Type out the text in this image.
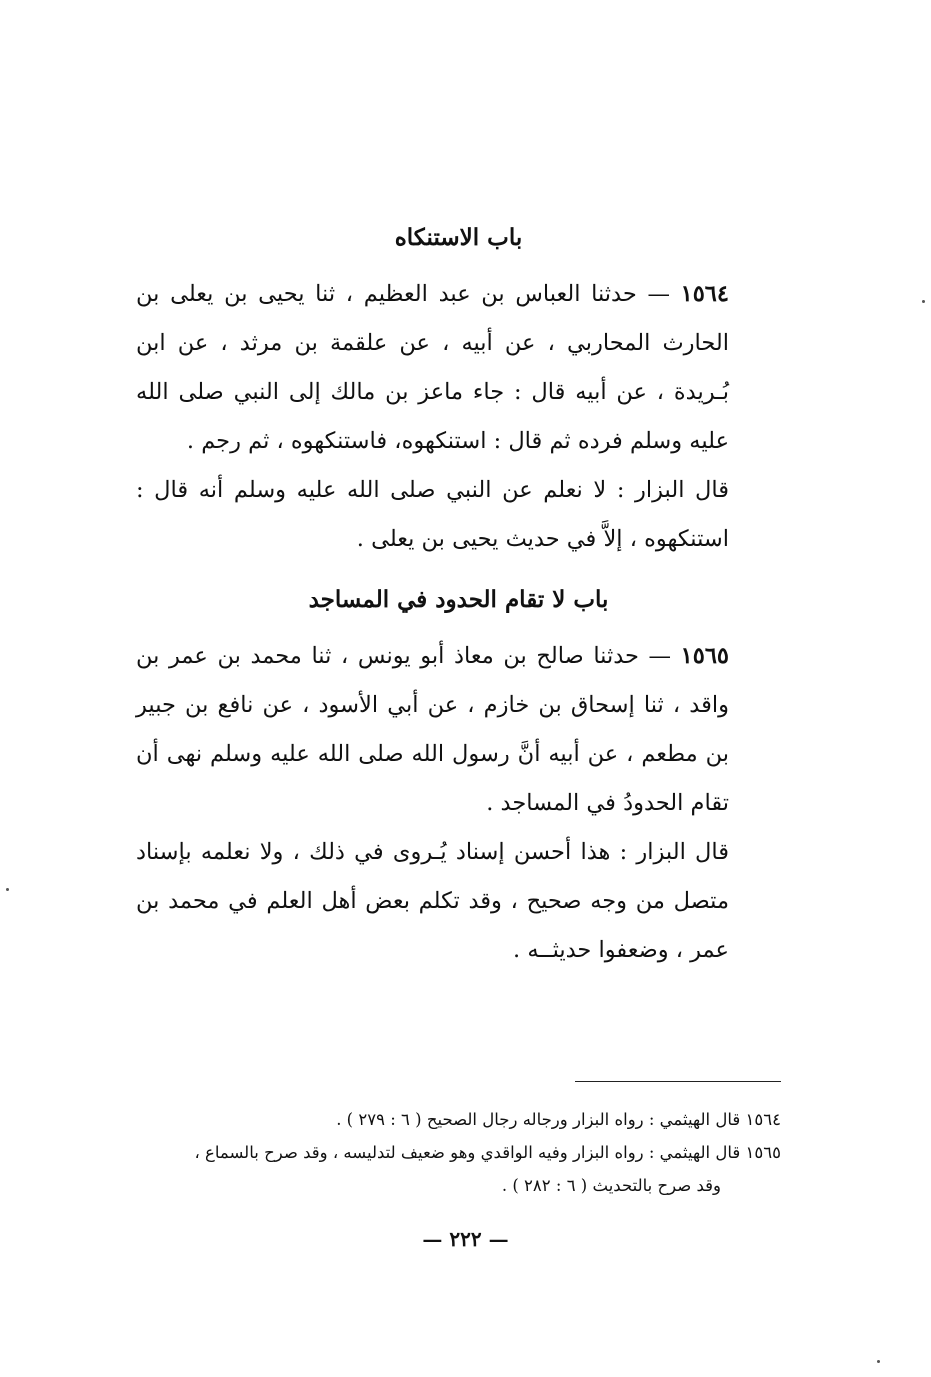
باب الاستنكاه

١٥٦٤ — حدثنا العباس بن عبد العظيم ، ثنا يحيى بن يعلى بن الحارث المحاربي ، عن أبيه ، عن علقمة بن مرثد ، عن ابن بُـريدة ، عن أبيه قال : جاء ماعز بن مالك إلى النبي صلى الله عليه وسلم فرده ثم قال : استنكهوه، فاستنكهوه ، ثم رجم .

قال البزار : لا نعلم عن النبي صلى الله عليه وسلم أنه قال : استنكهوه ، إلاَّ في حديث يحيى بن يعلى .

باب لا تقام الحدود في المساجد

١٥٦٥ — حدثنا صالح بن معاذ أبو يونس ، ثنا محمد بن عمر بن واقد ، ثنا إسحاق بن خازم ، عن أبي الأسود ، عن نافع بن جبير بن مطعم ، عن أبيه أنَّ رسول الله صلى الله عليه وسلم نهى أن تقام الحدودُ في المساجد .

قال البزار : هذا أحسن إسناد يُـروى في ذلك ، ولا نعلمه بإسناد متصل من وجه صحيح ، وقد تكلم بعض أهل العلم في محمد بن عمر ، وضعفوا حديثــه .

١٥٦٤ قال الهيثمي : رواه البزار ورجاله رجال الصحيح ( ٦ : ٢٧٩ ) .

١٥٦٥ قال الهيثمي : رواه البزار وفيه الواقدي وهو ضعيف لتدليسه ، وقد صرح بالسماع ،

وقد صرح بالتحديث ( ٦ : ٢٨٢ ) .

— ٢٢٢ —
